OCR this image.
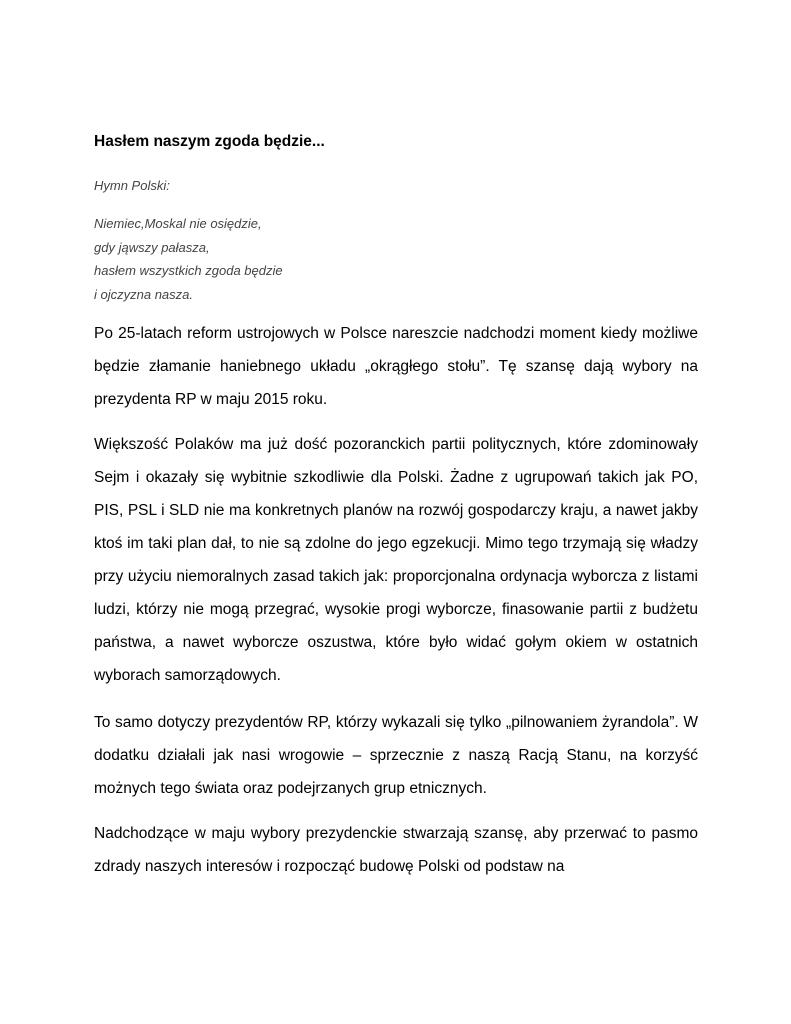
Hasłem naszym zgoda będzie...

Hymn Polski:

Niemiec,Moskal nie osiędzie,
gdy jąwszy pałasza,
hasłem wszystkich zgoda będzie
i ojczyzna nasza.

Po 25-latach reform ustrojowych w Polsce nareszcie nadchodzi moment kiedy możliwe będzie złamanie haniebnego układu „okrągłego stołu”. Tę szansę dają wybory na prezydenta RP w maju 2015 roku.

Większość Polaków ma już dość pozoranckich partii politycznych, które zdominowały Sejm i okazały się wybitnie szkodliwie dla Polski. Żadne z ugrupowań takich jak PO, PIS, PSL i SLD nie ma konkretnych planów na rozwój gospodarczy kraju, a nawet jakby ktoś im taki plan dał, to nie są zdolne do jego egzekucji. Mimo tego trzymają się władzy przy użyciu niemoralnych zasad takich jak: proporcjonalna ordynacja wyborcza z listami ludzi, którzy nie mogą przegrać, wysokie progi wyborcze, finasowanie partii z budżetu państwa, a nawet wyborcze oszustwa, które było widać gołym okiem w ostatnich wyborach samorządowych.

To samo dotyczy prezydentów RP, którzy wykazali się tylko „pilnowaniem żyrandola”. W dodatku działali jak nasi wrogowie – sprzecznie z naszą Racją Stanu, na korzyść możnych tego świata oraz podejrzanych grup etnicznych.

Nadchodzące w maju wybory prezydenckie stwarzają szansę, aby przerwać to pasmo zdrady naszych interesów i rozpocząć budowę Polski od podstaw na
